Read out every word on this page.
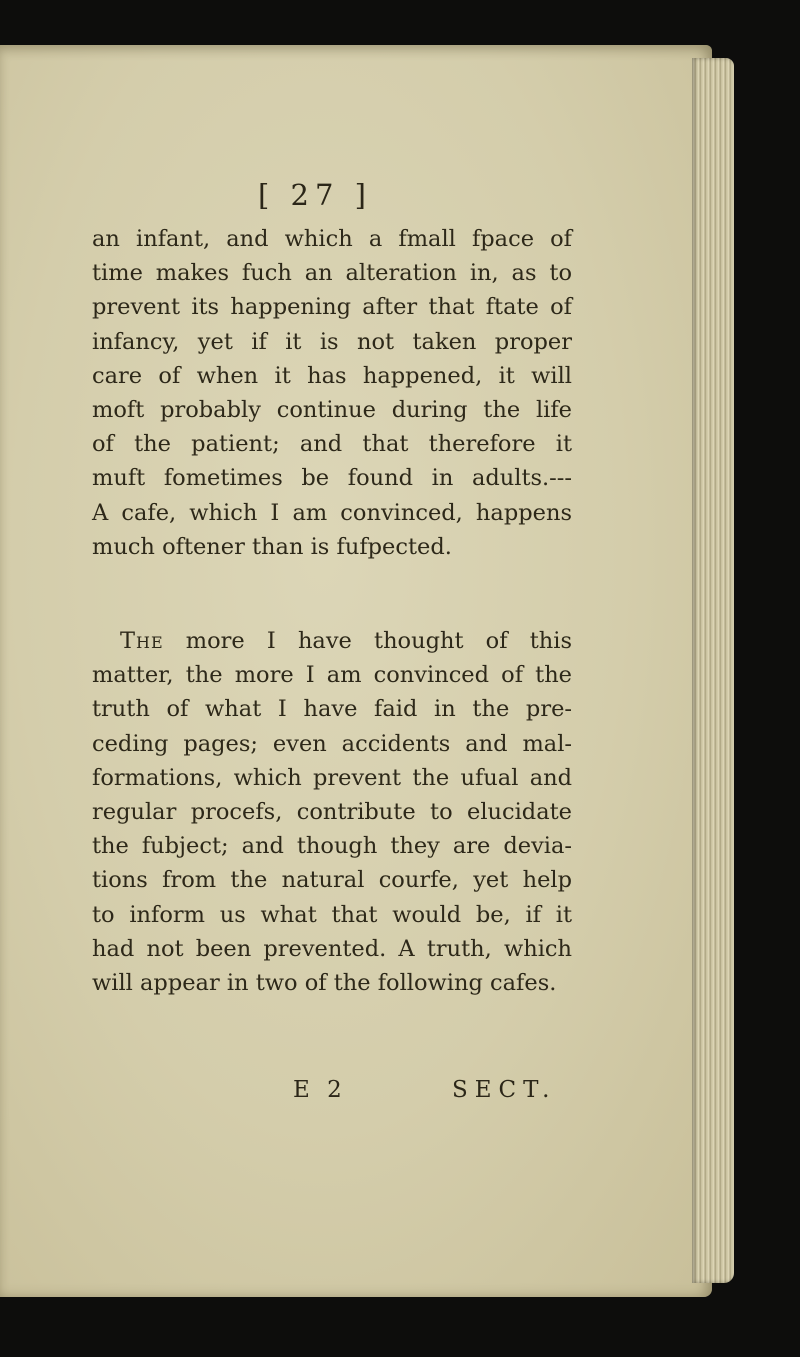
[ 27 ]
an infant, and which a fmall fpace of
time makes fuch an alteration in, as to
prevent its happening after that ftate of
infancy, yet if it is not taken proper
care of when it has happened, it will
moft probably continue during the life
of the patient; and that therefore it
muft fometimes be found in adults.---
A cafe, which I am convinced, happens
much oftener than is fufpected.
The more I have thought of this
matter, the more I am convinced of the
truth of what I have faid in the pre-
ceding pages; even accidents and mal-
formations, which prevent the ufual and
regular procefs, contribute to elucidate
the fubject; and though they are devia-
tions from the natural courfe, yet help
to inform us what that would be, if it
had not been prevented. A truth, which
will appear in two of the following cafes.
E 2	SECT.
